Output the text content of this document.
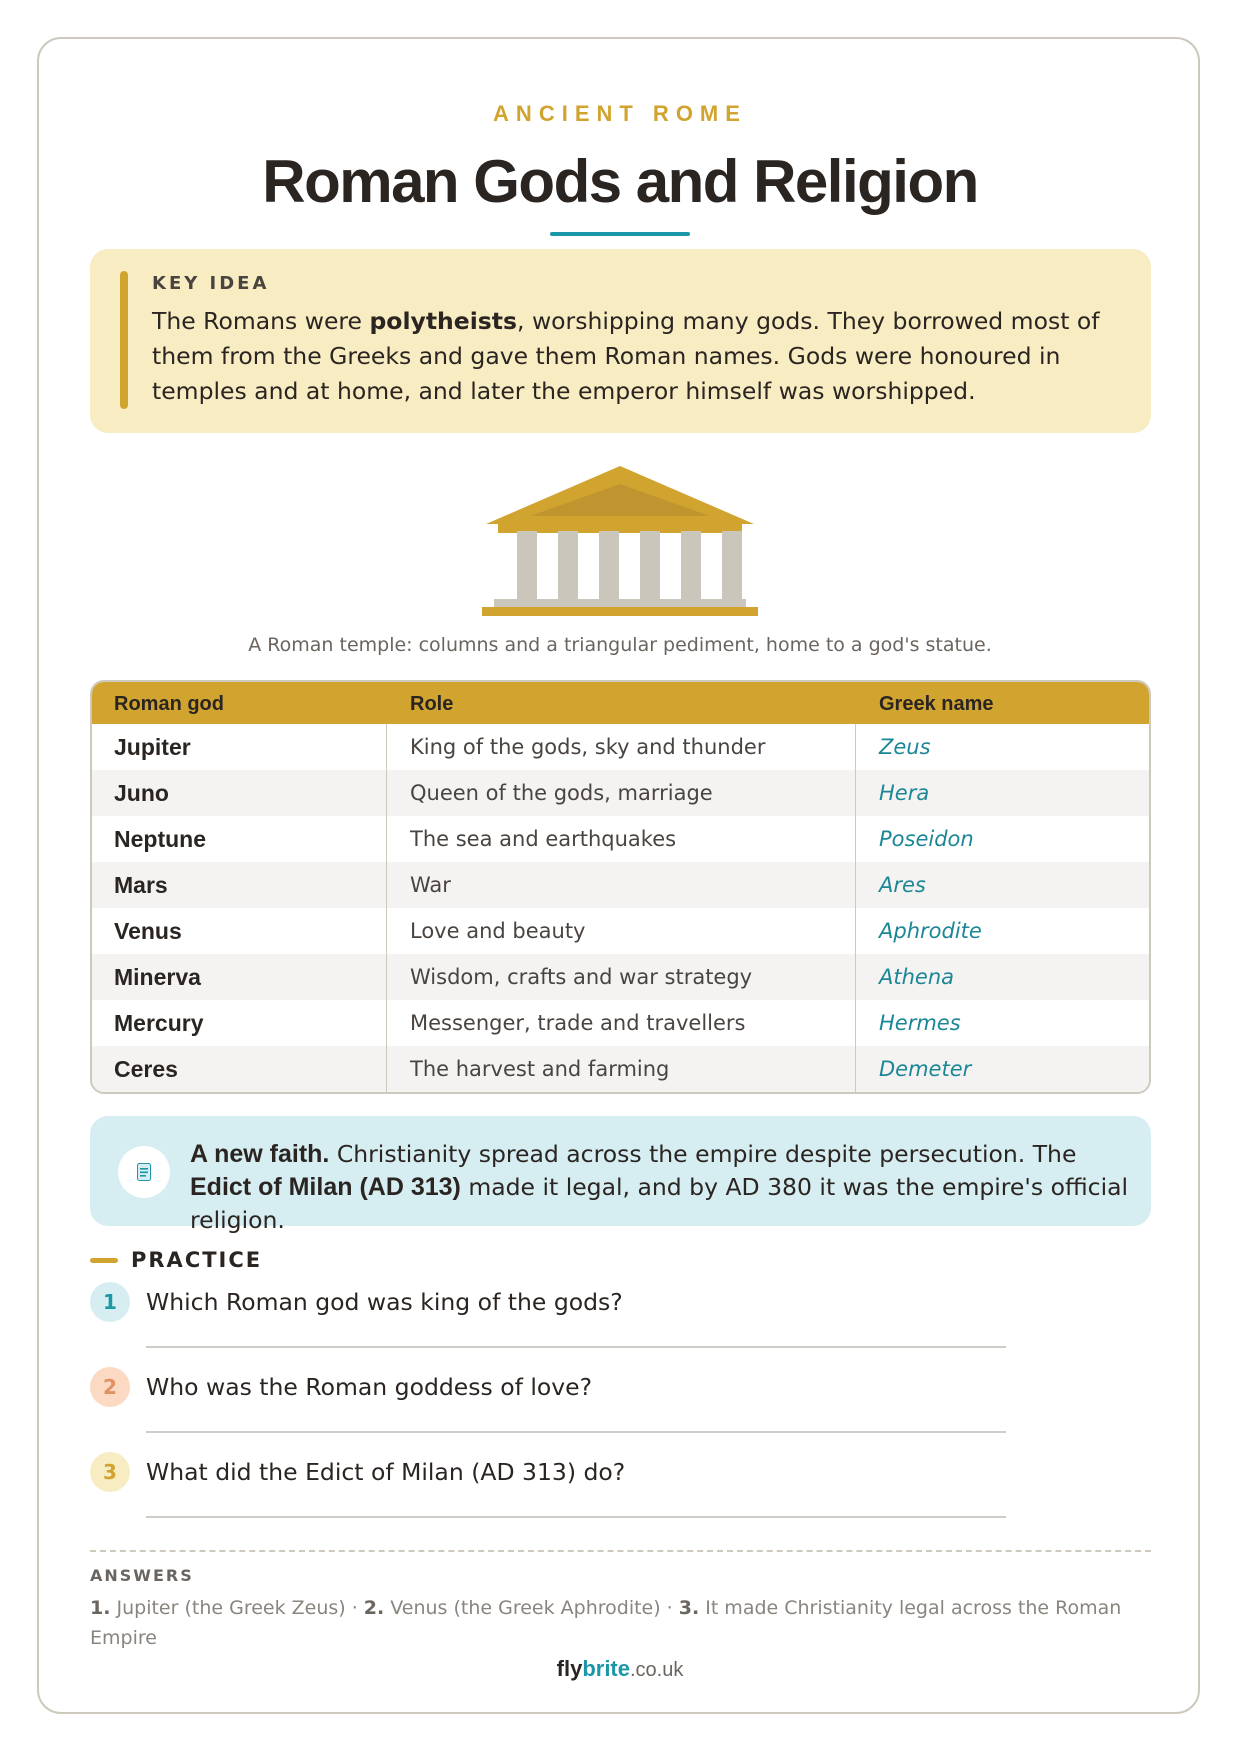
ANCIENT ROME
Roman Gods and Religion
KEY IDEA
The Romans were polytheists, worshipping many gods. They borrowed most of them from the Greeks and gave them Roman names. Gods were honoured in temples and at home, and later the emperor himself was worshipped.
A Roman temple: columns and a triangular pediment, home to a god's statue.
Roman god	Role	Greek name
Jupiter	King of the gods, sky and thunder	Zeus
Juno	Queen of the gods, marriage	Hera
Neptune	The sea and earthquakes	Poseidon
Mars	War	Ares
Venus	Love and beauty	Aphrodite
Minerva	Wisdom, crafts and war strategy	Athena
Mercury	Messenger, trade and travellers	Hermes
Ceres	The harvest and farming	Demeter
A new faith. Christianity spread across the empire despite persecution. The Edict of Milan (AD 313) made it legal, and by AD 380 it was the empire's official religion.
PRACTICE
1	Which Roman god was king of the gods?
2	Who was the Roman goddess of love?
3	What did the Edict of Milan (AD 313) do?
ANSWERS
1. Jupiter (the Greek Zeus) · 2. Venus (the Greek Aphrodite) · 3. It made Christianity legal across the Roman Empire
flybrite.co.uk
